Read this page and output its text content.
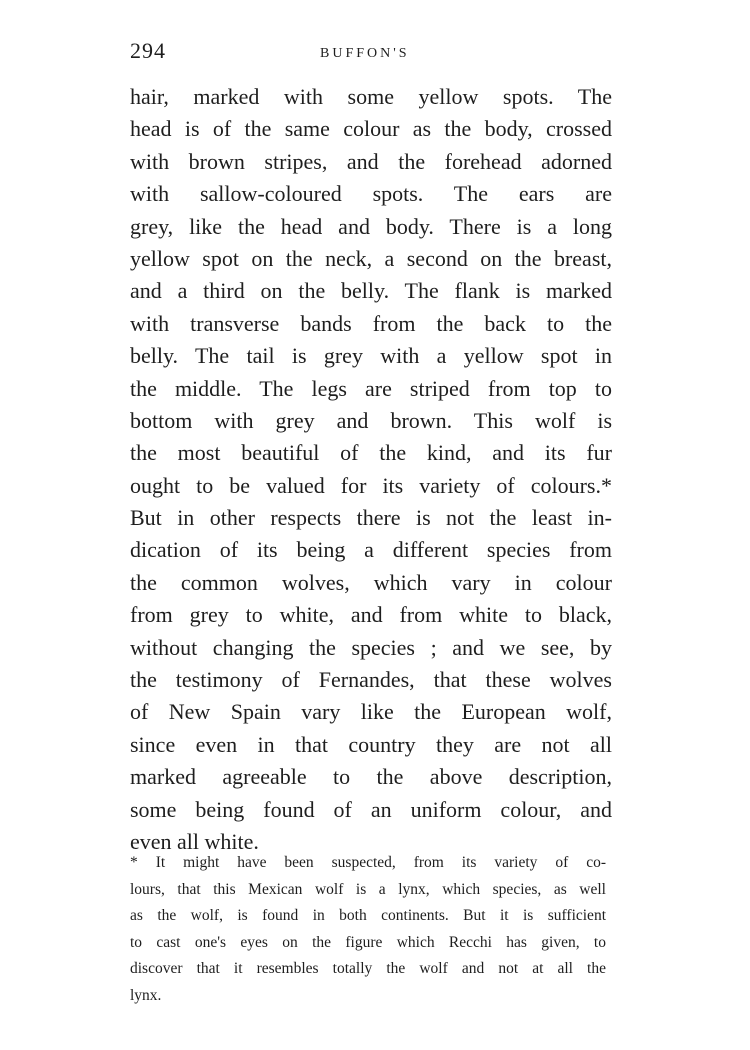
294	BUFFON'S
hair, marked with some yellow spots. The
head is of the same colour as the body, crossed
with brown stripes, and the forehead adorned
with sallow-coloured spots. The ears are
grey, like the head and body. There is a long
yellow spot on the neck, a second on the breast,
and a third on the belly. The flank is marked
with transverse bands from the back to the
belly. The tail is grey with a yellow spot in
the middle. The legs are striped from top to
bottom with grey and brown. This wolf is
the most beautiful of the kind, and its fur
ought to be valued for its variety of colours.*
But in other respects there is not the least in-
dication of its being a different species from
the common wolves, which vary in colour
from grey to white, and from white to black,
without changing the species ; and we see, by
the testimony of Fernandes, that these wolves
of New Spain vary like the European wolf,
since even in that country they are not all
marked agreeable to the above description,
some being found of an uniform colour, and
even all white.
* It might have been suspected, from its variety of co-
lours, that this Mexican wolf is a lynx, which species, as well
as the wolf, is found in both continents. But it is sufficient
to cast one's eyes on the figure which Recchi has given, to
discover that it resembles totally the wolf and not at all the
lynx.
